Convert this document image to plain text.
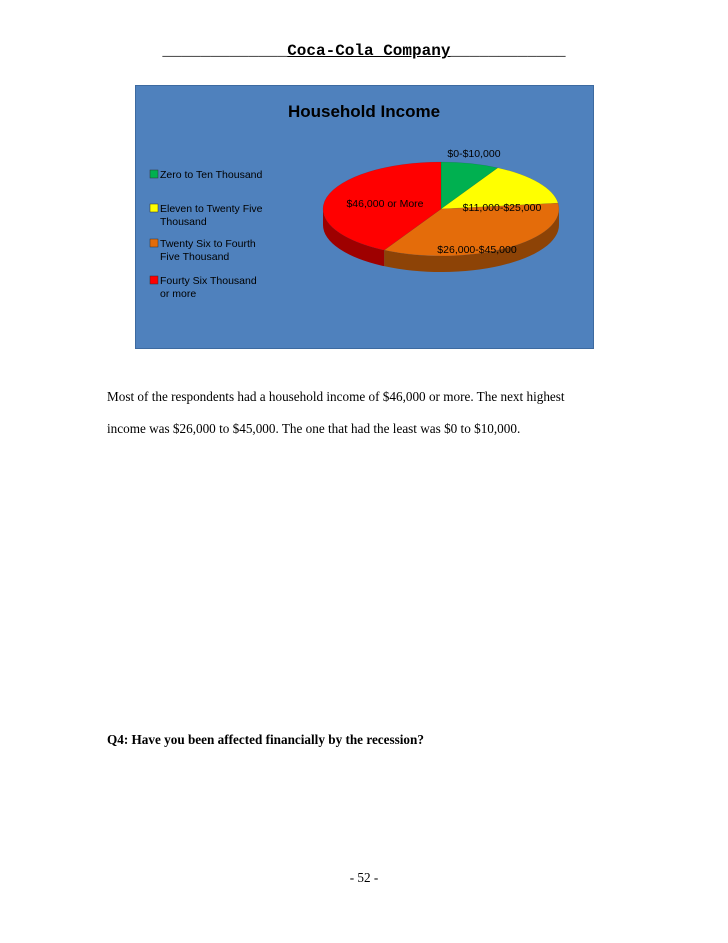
_____________Coca-Cola Company____________
Household Income
Zero to Ten Thousand
Eleven to Twenty Five Thousand
Twenty Six to Fourth Five Thousand
Fourty Six Thousand or more
$0-$10,000
$11,000-$25,000
$26,000-$45,000
$46,000 or More
Most of the respondents had a household income of $46,000 or more. The next highest
income was $26,000 to $45,000. The one that had the least was $0 to $10,000.
Q4: Have you been affected financially by the recession?
- 52 -
